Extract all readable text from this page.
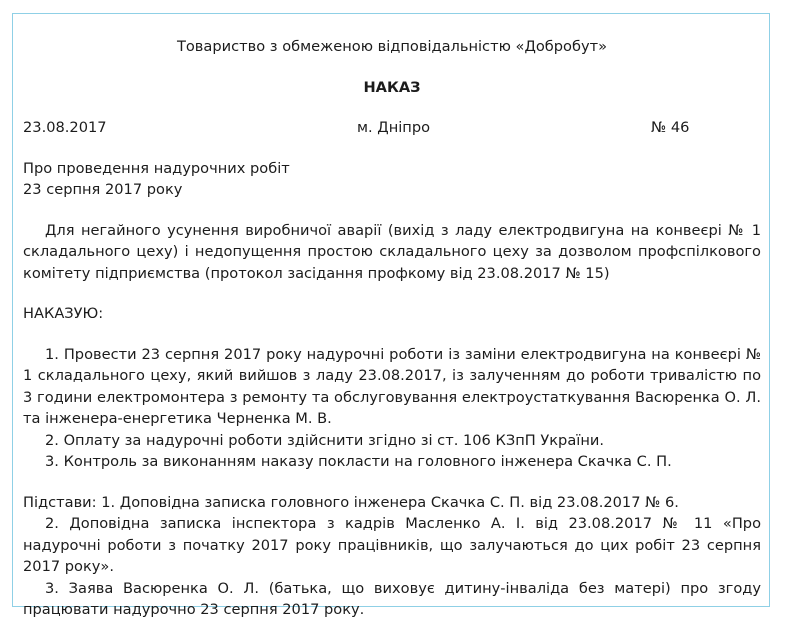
Товариство з обмеженою відповідальністю «Добробут»
НАКАЗ
23.08.2017	м. Дніпро	№ 46
Про проведення надурочних робіт
23 серпня 2017 року
Для негайного усунення виробничої аварії (вихід з ладу електродвигуна на конвеєрі № 1 складального цеху) і недопущення простою складального цеху за дозволом профспілкового комітету підприємства (протокол засідання профкому від 23.08.2017 № 15)
НАКАЗУЮ:
1. Провести 23 серпня 2017 року надурочні роботи із заміни електродвигуна на конвеєрі № 1 складального цеху, який вийшов з ладу 23.08.2017, із залученням до роботи тривалістю по 3 години електромонтера з ремонту та обслуговування електроустаткування Васюренка О. Л. та інженера-енергетика Черненка М. В.
2. Оплату за надурочні роботи здійснити згідно зі ст. 106 КЗпП України.
3. Контроль за виконанням наказу покласти на головного інженера Скачка С. П.
Підстави: 1. Доповідна записка головного інженера Скачка С. П. від 23.08.2017 № 6.
2. Доповідна записка інспектора з кадрів Масленко А. І. від 23.08.2017 № 11 «Про надурочні роботи з початку 2017 року працівників, що залучаються до цих робіт 23 серпня 2017 року».
3. Заява Васюренка О. Л. (батька, що виховує дитину-інваліда без матері) про згоду працювати надурочно 23 серпня 2017 року.
